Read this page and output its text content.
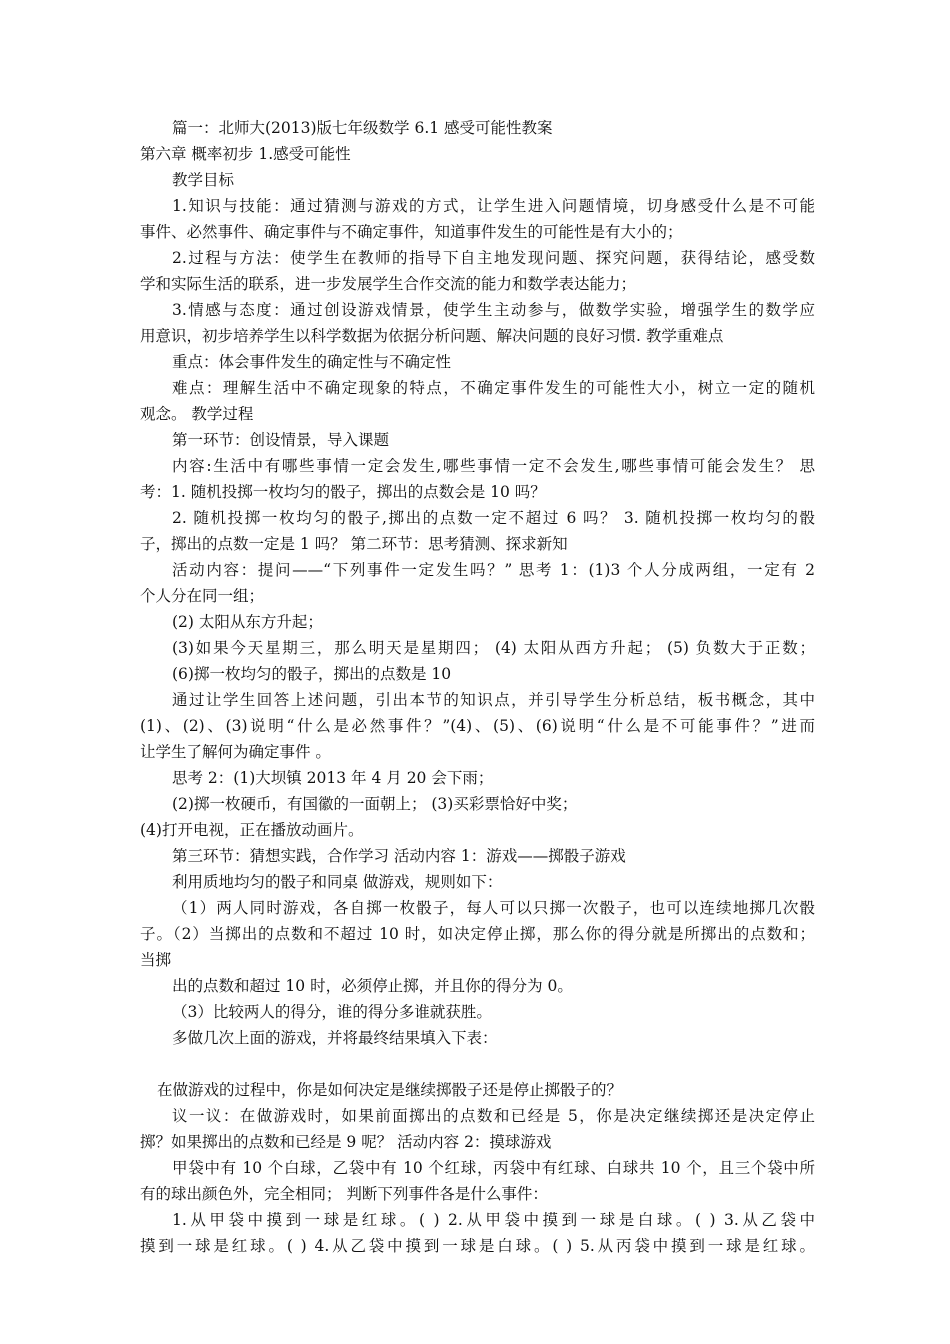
篇一：北师大(2013)版七年级数学 6.1 感受可能性教案
第六章 概率初步 1.感受可能性
教学目标
1.知识与技能：通过猜测与游戏的方式，让学生进入问题情境，切身感受什么是不可能
事件、必然事件、确定事件与不确定事件，知道事件发生的可能性是有大小的；
2.过程与方法：使学生在教师的指导下自主地发现问题、探究问题，获得结论，感受数
学和实际生活的联系，进一步发展学生合作交流的能力和数学表达能力；
3.情感与态度：通过创设游戏情景，使学生主动参与，做数学实验，增强学生的数学应
用意识，初步培养学生以科学数据为依据分析问题、解决问题的良好习惯. 教学重难点
重点：体会事件发生的确定性与不确定性
难点：理解生活中不确定现象的特点，不确定事件发生的可能性大小，树立一定的随机
观念。 教学过程
第一环节：创设情景，导入课题
内容:生活中有哪些事情一定会发生,哪些事情一定不会发生,哪些事情可能会发生？ 思
考：1. 随机投掷一枚均匀的骰子，掷出的点数会是 10 吗？
2. 随机投掷一枚均匀的骰子,掷出的点数一定不超过 6 吗？ 3. 随机投掷一枚均匀的骰
子，掷出的点数一定是 1 吗？ 第二环节：思考猜测、探求新知
活动内容：提问——“下列事件一定发生吗？” 思考 1：(1)3 个人分成两组，一定有 2
个人分在同一组；
(2) 太阳从东方升起；
(3)如果今天星期三，那么明天是星期四； (4) 太阳从西方升起； (5) 负数大于正数；
(6)掷一枚均匀的骰子，掷出的点数是 10
通过让学生回答上述问题，引出本节的知识点，并引导学生分析总结，板书概念，其中
(1)、(2)、(3)说明“什么是必然事件？”(4)、(5)、(6)说明“什么是不可能事件？”进而
让学生了解何为确定事件 。
思考 2：(1)大坝镇 2013 年 4 月 20 会下雨；
(2)掷一枚硬币，有国徽的一面朝上； (3)买彩票恰好中奖；
(4)打开电视，正在播放动画片。
第三环节：猜想实践，合作学习 活动内容 1：游戏——掷骰子游戏
利用质地均匀的骰子和同桌 做游戏，规则如下：
（1）两人同时游戏，各自掷一枚骰子，每人可以只掷一次骰子，也可以连续地掷几次骰
子。（2）当掷出的点数和不超过 10 时，如决定停止掷，那么你的得分就是所掷出的点数和；
当掷
出的点数和超过 10 时，必须停止掷，并且你的得分为 0。
（3）比较两人的得分，谁的得分多谁就获胜。
多做几次上面的游戏，并将最终结果填入下表：
在做游戏的过程中，你是如何决定是继续掷骰子还是停止掷骰子的？
议一议：在做游戏时，如果前面掷出的点数和已经是 5，你是决定继续掷还是决定停止
掷？如果掷出的点数和已经是 9 呢？ 活动内容 2：摸球游戏
甲袋中有 10 个白球，乙袋中有 10 个红球，丙袋中有红球、白球共 10 个，且三个袋中所
有的球出颜色外，完全相同； 判断下列事件各是什么事件：
1.从甲袋中摸到一球是红球。( ) 2.从甲袋中摸到一球是白球。( ) 3.从乙袋中
摸到一球是红球。( ) 4.从乙袋中摸到一球是白球。( ) 5.从丙袋中摸到一球是红球。
